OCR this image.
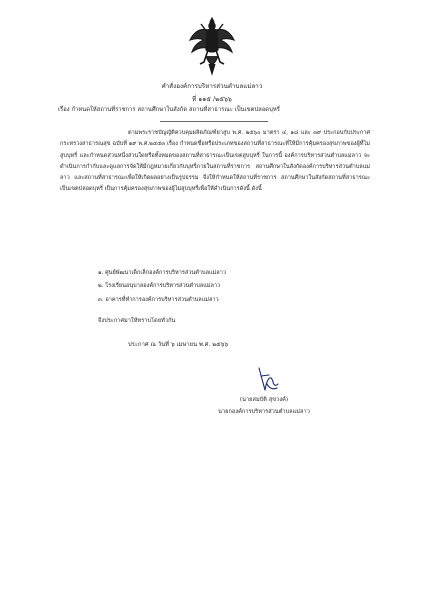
คำสั่งองค์การบริหารส่วนตำบลแม่ลาว
ที่ ๑๑๕ /๒๕๖๖
เรื่อง กำหนดให้สถานที่ราชการ สถานศึกษาในสังกัด สถานที่สาธารณะ เป็นเขตปลอดบุหรี่

ตามพระราชบัญญัติควบคุมผลิตภัณฑ์ยาสูบ พ.ศ. ๒๕๖๐ มาตรา ๔, ๑๘ และ ๓๙ ประกอบกับประกาศกระทรวงสาธารณสุข ฉบับที่ ๑๙ พ.ศ.๒๕๕๓ เรื่อง กำหนดชื่อหรือประเภทของสถานที่สาธารณะที่ให้มีการคุ้มครองสุขภาพของผู้ที่ไม่สูบบุหรี่ และกำหนดส่วนหนึ่งส่วนใดหรือทั้งหมดของสถานที่สาธารณะเป็นเขตสูบบุหรี่ ในการนี้ องค์การบริหารส่วนตำบลแม่ลาว จะดำเนินการกำกับและดูแลการจัดให้มีกฎหมายเกี่ยวกับบุหรี่ภายในสถานที่ราชการ สถานศึกษาในสังกัดองค์การบริหารส่วนตำบลแม่ลาว และสถานที่สาธารณะเพื่อให้เกิดผลอย่างเป็นรูปธรรม จึงให้กำหนดให้สถานที่ราชการ สถานศึกษาในสังกัดสถานที่สาธารณะ เป็นเขตปลอดบุหรี่ เป็นการคุ้มครองสุขภาพของผู้ไม่สูบบุหรี่เพื่อให้ดำเนินการดังนี้ ดังนี้

๑. ศูนย์พัฒนาเด็กเล็กองค์การบริหารส่วนตำบลแม่ลาว
๒. โรงเรียนอนุบาลองค์การบริหารส่วนตำบลแม่ลาว
๓. อาคารที่ทำการองค์การบริหารส่วนตำบลแม่ลาว
จึงประกาศมาให้ทราบโดยทั่วกัน
ประกาศ ณ วันที่ ๖ เมษายน พ.ศ. ๒๕๖๖
(นายสมบัติ สุขวงค์)
นายกองค์การบริหารส่วนตำบลแม่ลาว
